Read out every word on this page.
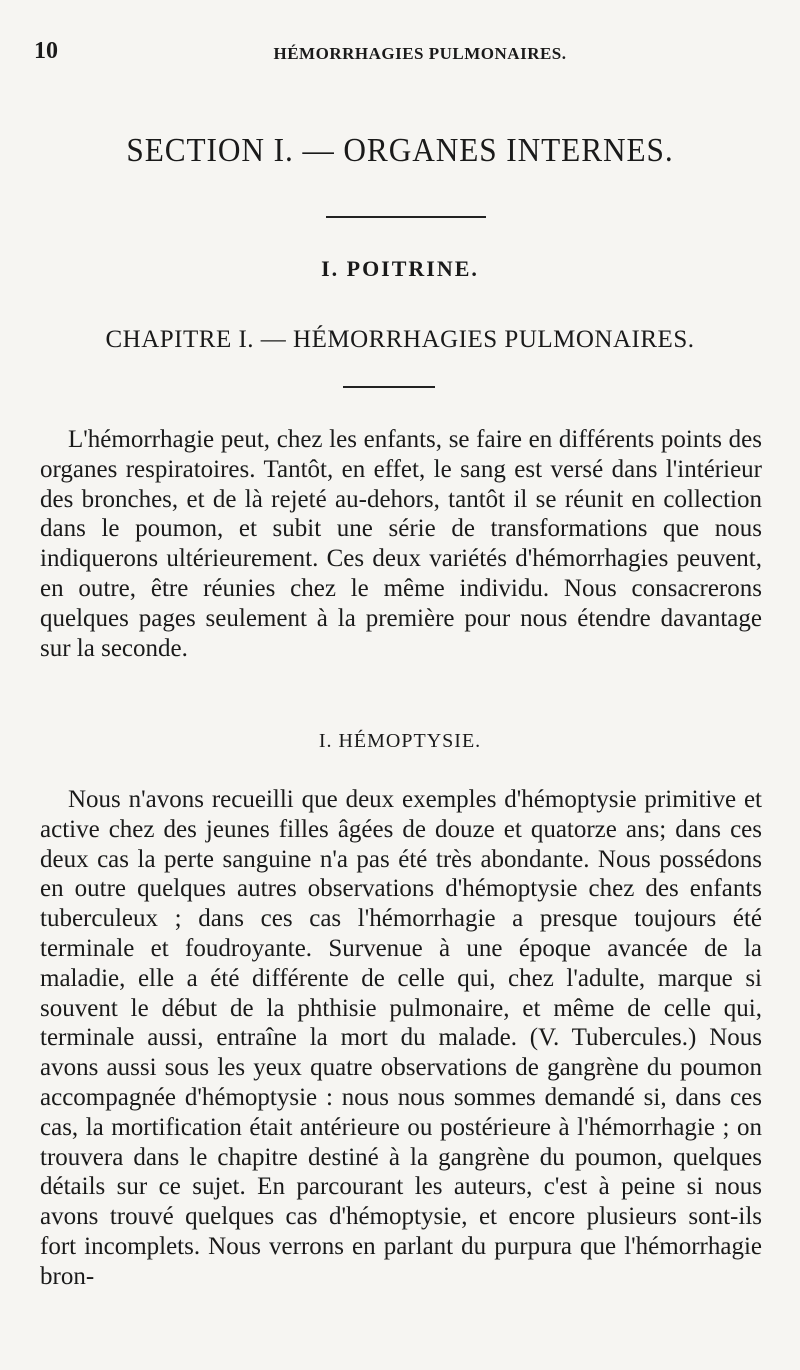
10	HÉMORRHAGIES PULMONAIRES.
SECTION I. — ORGANES INTERNES.
I. POITRINE.
CHAPITRE I. — HÉMORRHAGIES PULMONAIRES.

L'hémorrhagie peut, chez les enfants, se faire en différents points des organes respiratoires. Tantôt, en effet, le sang est versé dans l'intérieur des bronches, et de là rejeté au-dehors, tantôt il se réunit en collection dans le poumon, et subit une série de transformations que nous indiquerons ultérieurement. Ces deux variétés d'hémorrhagies peuvent, en outre, être réunies chez le même individu. Nous consacrerons quelques pages seulement à la première pour nous étendre davantage sur la seconde.

I. HÉMOPTYSIE.

Nous n'avons recueilli que deux exemples d'hémoptysie primitive et active chez des jeunes filles âgées de douze et quatorze ans; dans ces deux cas la perte sanguine n'a pas été très abondante. Nous possédons en outre quelques autres observations d'hémoptysie chez des enfants tuberculeux ; dans ces cas l'hémorrhagie a presque toujours été terminale et foudroyante. Survenue à une époque avancée de la maladie, elle a été différente de celle qui, chez l'adulte, marque si souvent le début de la phthisie pulmonaire, et même de celle qui, terminale aussi, entraîne la mort du malade. (V. Tubercules.) Nous avons aussi sous les yeux quatre observations de gangrène du poumon accompagnée d'hémoptysie : nous nous sommes demandé si, dans ces cas, la mortification était antérieure ou postérieure à l'hémorrhagie ; on trouvera dans le chapitre destiné à la gangrène du poumon, quelques détails sur ce sujet. En parcourant les auteurs, c'est à peine si nous avons trouvé quelques cas d'hémoptysie, et encore plusieurs sont-ils fort incomplets. Nous verrons en parlant du purpura que l'hémorrhagie bron-
